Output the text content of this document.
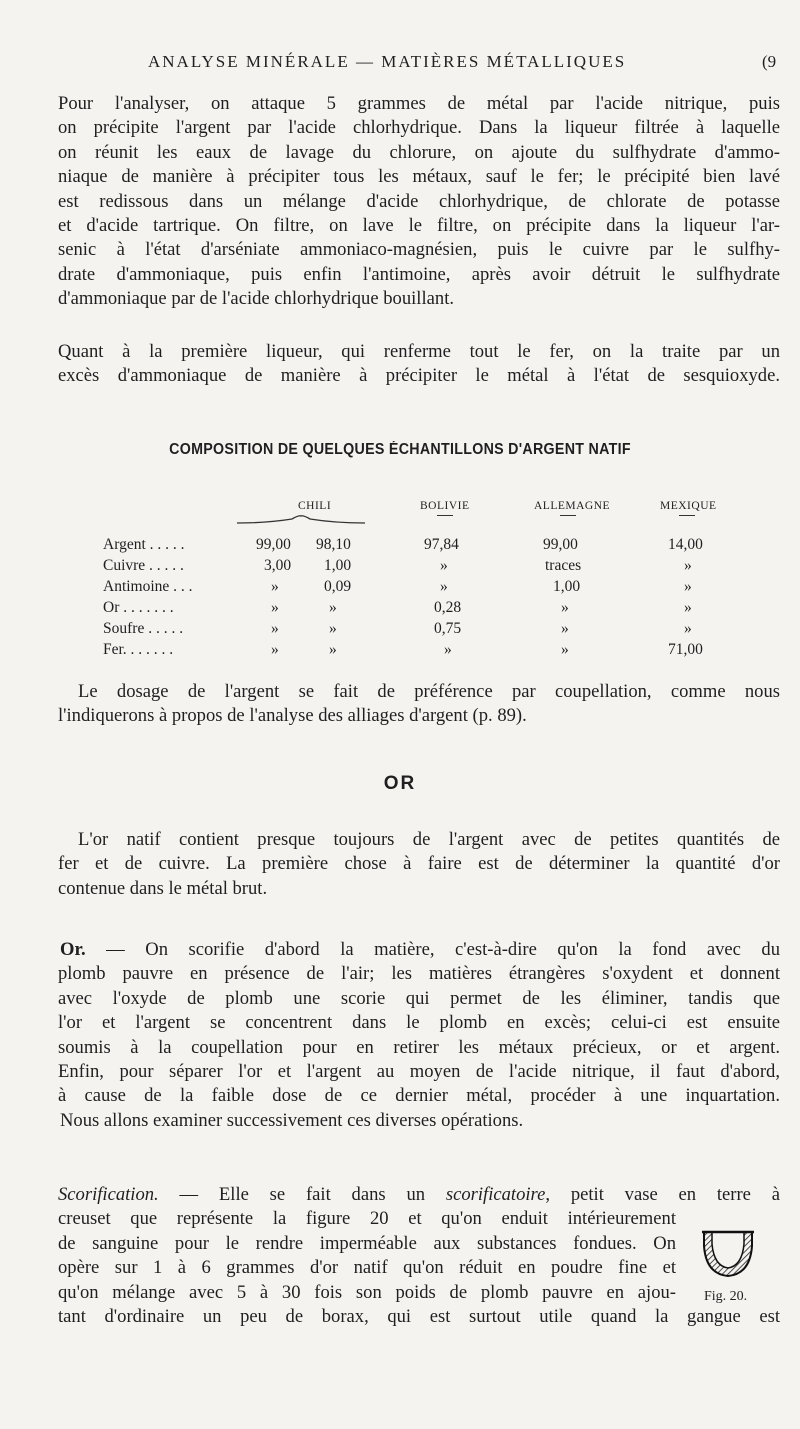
ANALYSE MINÉRALE — MATIÈRES MÉTALLIQUES	(9
Pour l'analyser, on attaque 5 grammes de métal par l'acide nitrique, puis
on précipite l'argent par l'acide chlorhydrique. Dans la liqueur filtrée à laquelle
on réunit les eaux de lavage du chlorure, on ajoute du sulfhydrate d'ammo-
niaque de manière à précipiter tous les métaux, sauf le fer; le précipité bien lavé
est redissous dans un mélange d'acide chlorhydrique, de chlorate de potasse
et d'acide tartrique. On filtre, on lave le filtre, on précipite dans la liqueur l'ar-
senic à l'état d'arséniate ammoniaco-magnésien, puis le cuivre par le sulfhy-
drate d'ammoniaque, puis enfin l'antimoine, après avoir détruit le sulfhydrate
d'ammoniaque par de l'acide chlorhydrique bouillant.
Quant à la première liqueur, qui renferme tout le fer, on la traite par un
excès d'ammoniaque de manière à précipiter le métal à l'état de sesquioxyde.
COMPOSITION DE QUELQUES ÉCHANTILLONS D'ARGENT NATIF
CHILI	BOLIVIE	ALLEMAGNE	MEXIQUE
Argent . . . . .	99,00 98,10	97,84	99,00	14,00
Cuivre . . . . .	3,00 1,00	»	traces	»
Antimoine . . .	»	0,09	»	1,00	»
Or . . . . . . .	»	»	0,28	»	»
Soufre . . . . .	»	»	0,75	»	»
Fer. . . . . . .	»	»	»	»	71,00
Le dosage de l'argent se fait de préférence par coupellation, comme nous
l'indiquerons à propos de l'analyse des alliages d'argent (p. 89).
OR
L'or natif contient presque toujours de l'argent avec de petites quantités de
fer et de cuivre. La première chose à faire est de déterminer la quantité d'or
contenue dans le métal brut.
Or. — On scorifie d'abord la matière, c'est-à-dire qu'on la fond avec du
plomb pauvre en présence de l'air; les matières étrangères s'oxydent et donnent
avec l'oxyde de plomb une scorie qui permet de les éliminer, tandis que
l'or et l'argent se concentrent dans le plomb en excès; celui-ci est ensuite
soumis à la coupellation pour en retirer les métaux précieux, or et argent.
Enfin, pour séparer l'or et l'argent au moyen de l'acide nitrique, il faut d'abord,
à cause de la faible dose de ce dernier métal, procéder à une inquartation.
Nous allons examiner successivement ces diverses opérations.
Scorification. — Elle se fait dans un scorificatoire, petit vase en terre à
creuset que représente la figure 20 et qu'on enduit intérieurement
de sanguine pour le rendre imperméable aux substances fondues. On
opère sur 1 à 6 grammes d'or natif qu'on réduit en poudre fine et
qu'on mélange avec 5 à 30 fois son poids de plomb pauvre en ajou-
tant d'ordinaire un peu de borax, qui est surtout utile quand la gangue est
Fig. 20.
